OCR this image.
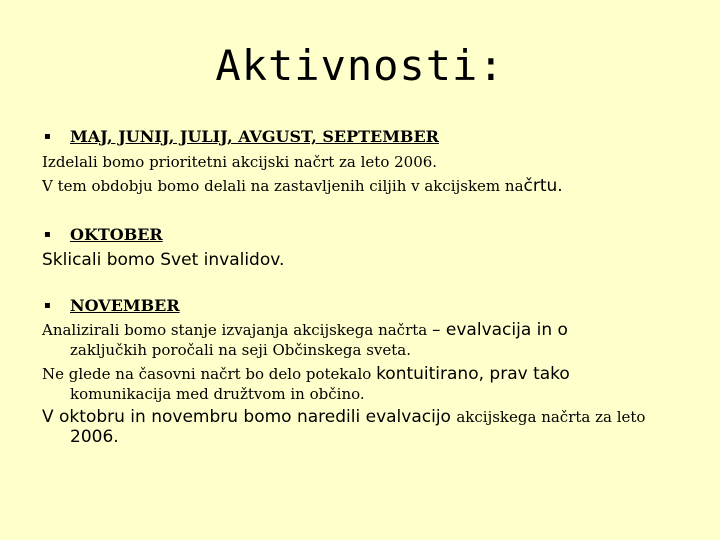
Aktivnosti:
▪	MAJ, JUNIJ, JULIJ, AVGUST, SEPTEMBER
Izdelali bomo prioritetni akcijski načrt za leto 2006.
V tem obdobju bomo delali na zastavljenih ciljih v akcijskem načrtu.
▪	OKTOBER
Sklicali bomo Svet invalidov.
▪	NOVEMBER
Analizirali bomo stanje izvajanja akcijskega načrta – evalvacija in o
zaključkih poročali na seji Občinskega sveta.
Ne glede na časovni načrt bo delo potekalo kontuitirano, prav tako
komunikacija med družtvom in občino.
V oktobru in novembru bomo naredili evalvacijo akcijskega načrta za leto
2006.
